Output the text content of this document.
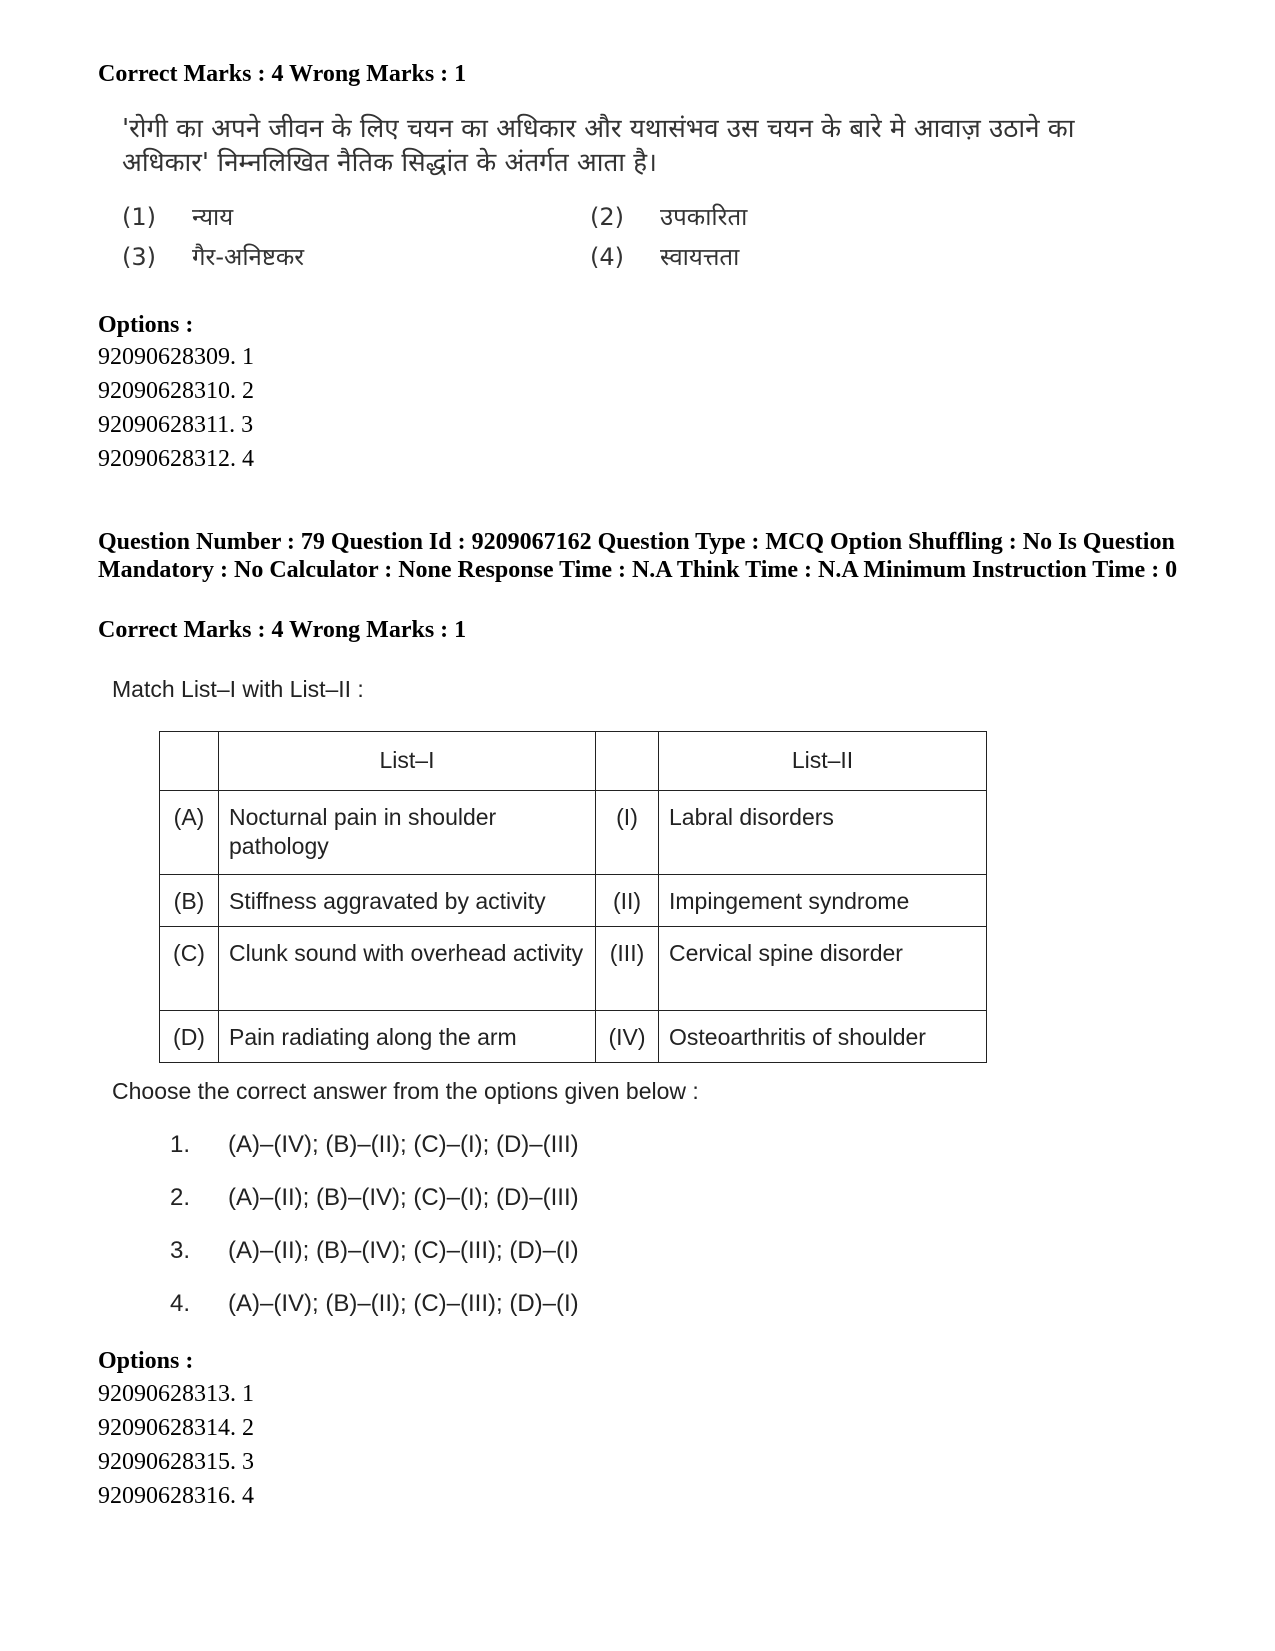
Correct Marks : 4 Wrong Marks : 1
'रोगी का अपने जीवन के लिए चयन का अधिकार और यथासंभव उस चयन के बारे मे आवाज़ उठाने का
अधिकार' निम्नलिखित नैतिक सिद्धांत के अंतर्गत आता है।
(1) न्याय	(2) उपकारिता
(3) गैर-अनिष्टकर	(4) स्वायत्तता
Options :
92090628309. 1
92090628310. 2
92090628311. 3
92090628312. 4
Question Number : 79 Question Id : 9209067162 Question Type : MCQ Option Shuffling : No Is Question Mandatory : No Calculator : None Response Time : N.A Think Time : N.A Minimum Instruction Time : 0
Correct Marks : 4 Wrong Marks : 1
Match List–I with List–II :
	List–I		List–II
(A)	Nocturnal pain in shoulder pathology	(I)	Labral disorders
(B)	Stiffness aggravated by activity	(II)	Impingement syndrome
(C)	Clunk sound with overhead activity	(III)	Cervical spine disorder
(D)	Pain radiating along the arm	(IV)	Osteoarthritis of shoulder
Choose the correct answer from the options given below :
1.	(A)–(IV); (B)–(II); (C)–(I); (D)–(III)
2.	(A)–(II); (B)–(IV); (C)–(I); (D)–(III)
3.	(A)–(II); (B)–(IV); (C)–(III); (D)–(I)
4.	(A)–(IV); (B)–(II); (C)–(III); (D)–(I)
Options :
92090628313. 1
92090628314. 2
92090628315. 3
92090628316. 4
